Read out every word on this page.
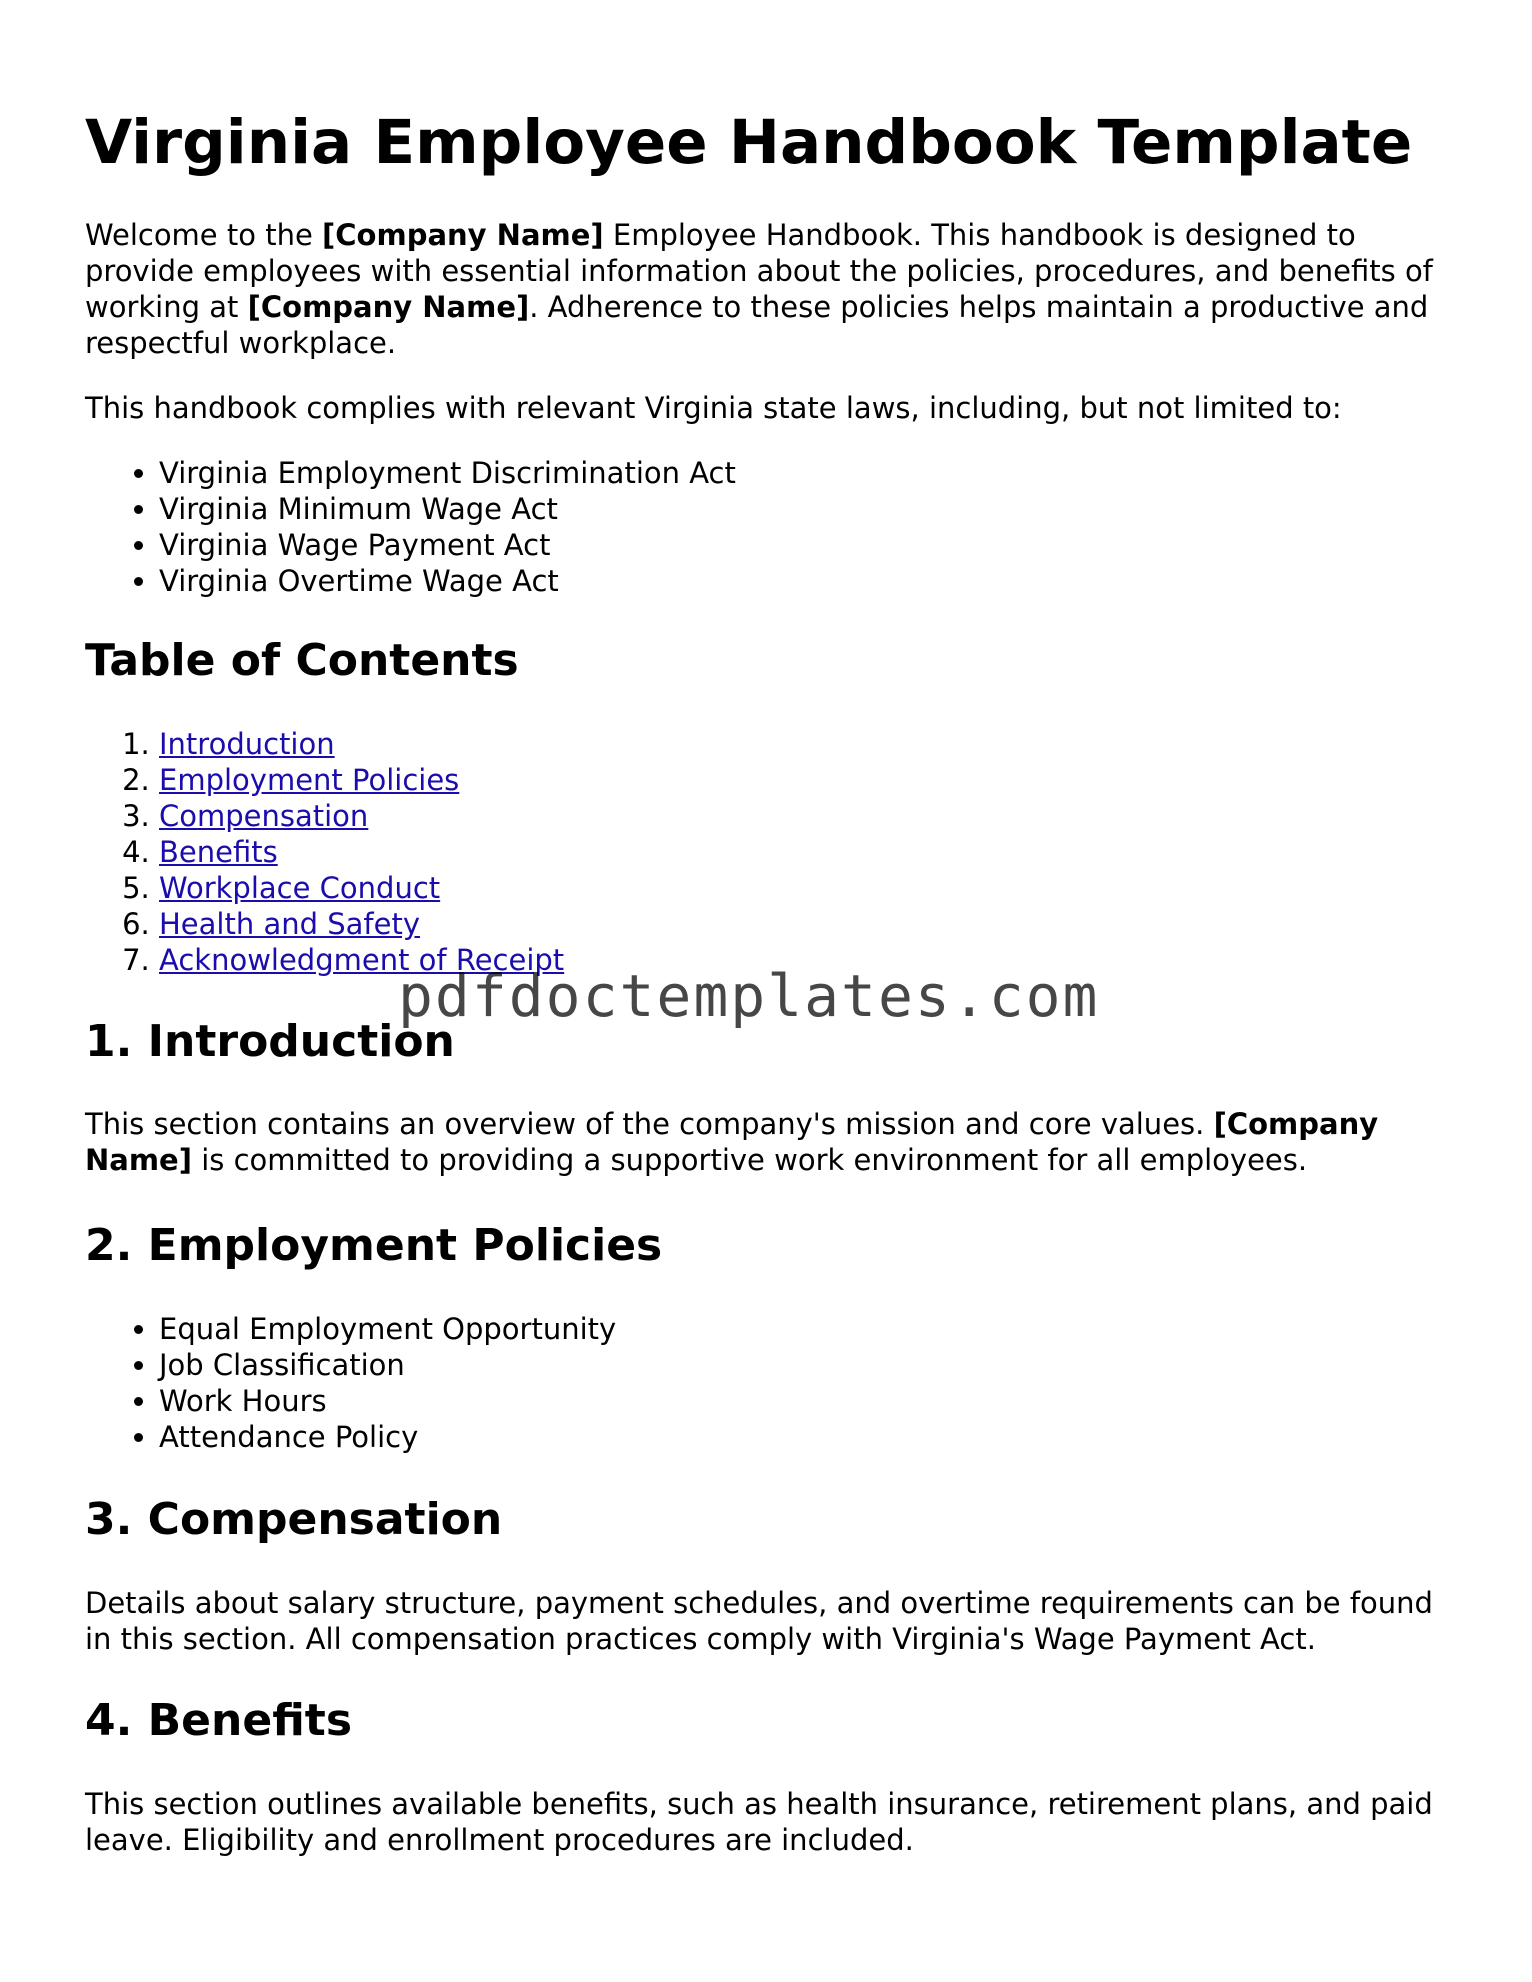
Virginia Employee Handbook Template

Welcome to the [Company Name] Employee Handbook. This handbook is designed to provide employees with essential information about the policies, procedures, and benefits of working at [Company Name]. Adherence to these policies helps maintain a productive and respectful workplace.

This handbook complies with relevant Virginia state laws, including, but not limited to:

• Virginia Employment Discrimination Act
• Virginia Minimum Wage Act
• Virginia Wage Payment Act
• Virginia Overtime Wage Act
Table of Contents
1. Introduction
2. Employment Policies
3. Compensation
4. Benefits
5. Workplace Conduct
6. Health and Safety
7. Acknowledgment of Receipt
1. Introduction

This section contains an overview of the company's mission and core values. [Company Name] is committed to providing a supportive work environment for all employees.

2. Employment Policies
• Equal Employment Opportunity
• Job Classification
• Work Hours
• Attendance Policy
3. Compensation

Details about salary structure, payment schedules, and overtime requirements can be found in this section. All compensation practices comply with Virginia's Wage Payment Act.

4. Benefits

This section outlines available benefits, such as health insurance, retirement plans, and paid leave. Eligibility and enrollment procedures are included.

pdfdoctemplates.com
